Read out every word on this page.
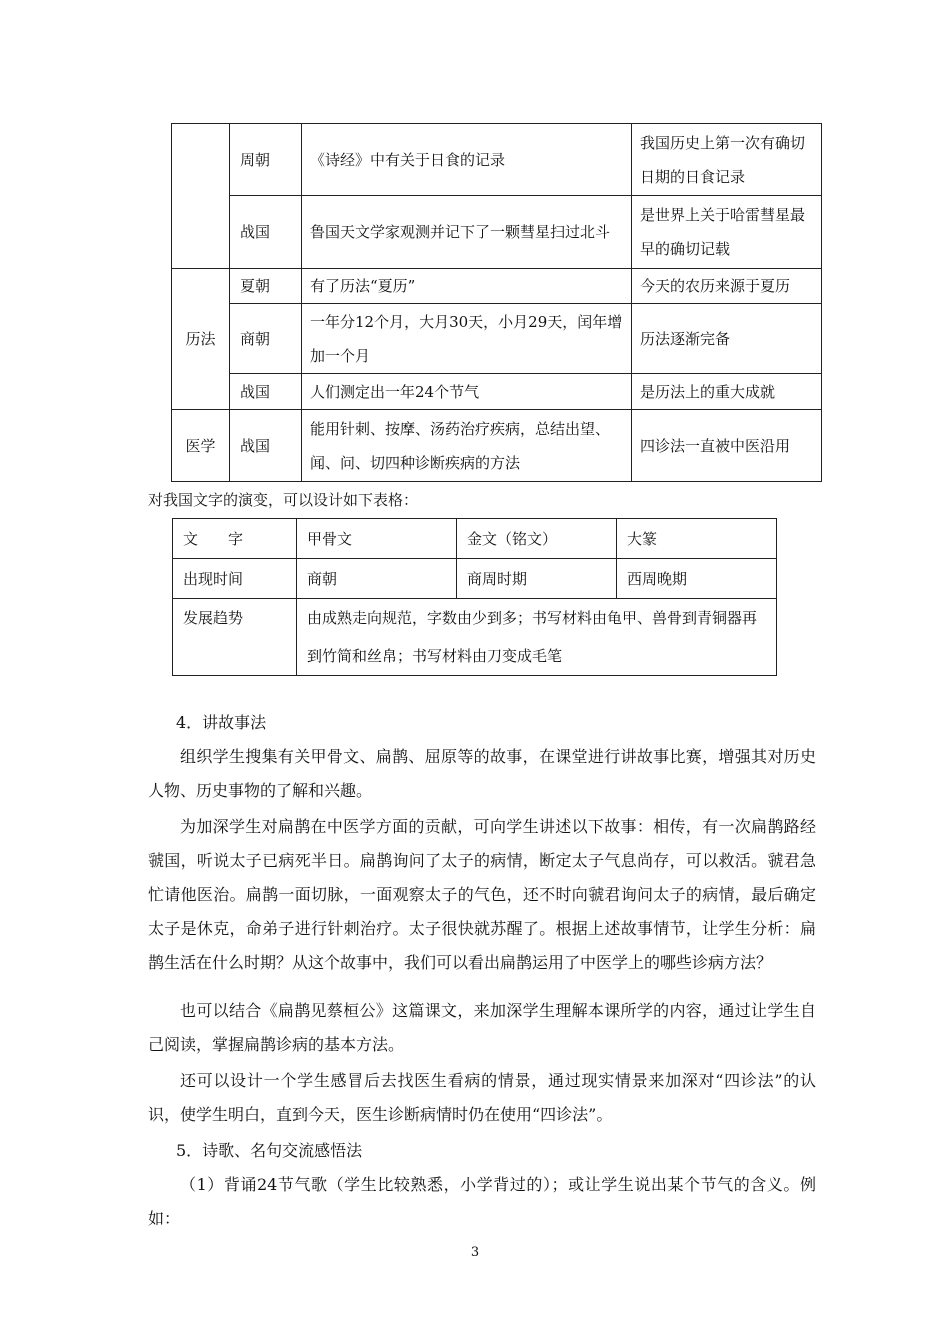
	周朝	《诗经》中有关于日食的记录	我国历史上第一次有确切日期的日食记录
	战国	鲁国天文学家观测并记下了一颗彗星扫过北斗	是世界上关于哈雷彗星最早的确切记载
历法	夏朝	有了历法“夏历”	今天的农历来源于夏历
	商朝	一年分12个月，大月30天，小月29天，闰年增加一个月	历法逐渐完备
	战国	人们测定出一年24个节气	是历法上的重大成就
医学	战国	能用针刺、按摩、汤药治疗疾病，总结出望、闻、问、切四种诊断疾病的方法	四诊法一直被中医沿用
对我国文字的演变，可以设计如下表格：
文　　字	甲骨文	金文（铭文）	大篆
出现时间	商朝	商周时期	西周晚期
发展趋势	由成熟走向规范，字数由少到多；书写材料由龟甲、兽骨到青铜器再到竹简和丝帛；书写材料由刀变成毛笔		
4．讲故事法
组织学生搜集有关甲骨文、扁鹊、屈原等的故事，在课堂进行讲故事比赛，增强其对历史人物、历史事物的了解和兴趣。
为加深学生对扁鹊在中医学方面的贡献，可向学生讲述以下故事：相传，有一次扁鹊路经虢国，听说太子已病死半日。扁鹊询问了太子的病情，断定太子气息尚存，可以救活。虢君急忙请他医治。扁鹊一面切脉，一面观察太子的气色，还不时向虢君询问太子的病情，最后确定太子是休克，命弟子进行针刺治疗。太子很快就苏醒了。根据上述故事情节，让学生分析：扁鹊生活在什么时期？从这个故事中，我们可以看出扁鹊运用了中医学上的哪些诊病方法？
也可以结合《扁鹊见蔡桓公》这篇课文，来加深学生理解本课所学的内容，通过让学生自己阅读，掌握扁鹊诊病的基本方法。
还可以设计一个学生感冒后去找医生看病的情景，通过现实情景来加深对“四诊法”的认识，使学生明白，直到今天，医生诊断病情时仍在使用“四诊法”。
5．诗歌、名句交流感悟法
（1）背诵24节气歌（学生比较熟悉，小学背过的）；或让学生说出某个节气的含义。例如：
3
